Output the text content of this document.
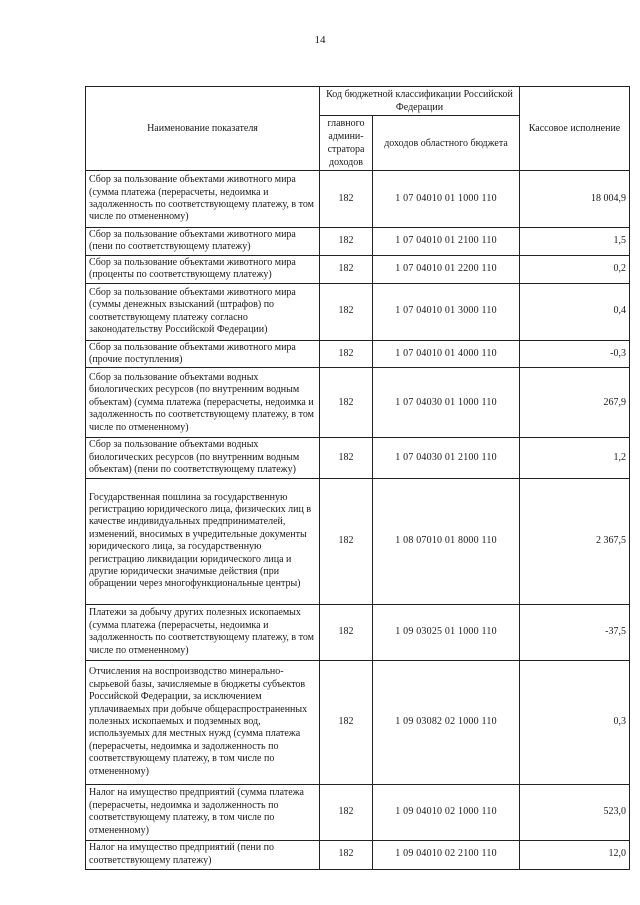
14
Наименование показателя	Код бюджетной классификации Российской Федерации		Кассовое исполнение
	главного админи-стратора доходов	доходов областного бюджета	
Сбор за пользование объектами животного мира (сумма платежа (перерасчеты, недоимка и задолженность по соответствующему платежу, в том числе по отмененному)	182	1 07 04010 01 1000 110	18 004,9
Сбор за пользование объектами животного мира (пени по соответствующему платежу)	182	1 07 04010 01 2100 110	1,5
Сбор за пользование объектами животного мира (проценты по соответствующему платежу)	182	1 07 04010 01 2200 110	0,2
Сбор за пользование объектами животного мира (суммы денежных взысканий (штрафов) по соответствующему платежу согласно законодательству Российской Федерации)	182	1 07 04010 01 3000 110	0,4
Сбор за пользование объектами животного мира (прочие поступления)	182	1 07 04010 01 4000 110	-0,3
Сбор за пользование объектами водных биологических ресурсов (по внутренним водным объектам) (сумма платежа (перерасчеты, недоимка и задолженность по соответствующему платежу, в том числе по отмененному)	182	1 07 04030 01 1000 110	267,9
Сбор за пользование объектами водных биологических ресурсов (по внутренним водным объектам) (пени по соответствующему платежу)	182	1 07 04030 01 2100 110	1,2
Государственная пошлина за государственную регистрацию юридического лица, физических лиц в качестве индивидуальных предпринимателей, изменений, вносимых в учредительные документы юридического лица, за государственную регистрацию ликвидации юридического лица и другие юридически значимые действия (при обращении через многофункциональные центры)	182	1 08 07010 01 8000 110	2 367,5
Платежи за добычу других полезных ископаемых (сумма платежа (перерасчеты, недоимка и задолженность по соответствующему платежу, в том числе по отмененному)	182	1 09 03025 01 1000 110	-37,5
Отчисления на воспроизводство минерально-сырьевой базы, зачисляемые в бюджеты субъектов Российской Федерации, за исключением уплачиваемых при добыче общераспространенных полезных ископаемых и подземных вод, используемых для местных нужд (сумма платежа (перерасчеты, недоимка и задолженность по соответствующему платежу, в том числе по отмененному)	182	1 09 03082 02 1000 110	0,3
Налог на имущество предприятий (сумма платежа (перерасчеты, недоимка и задолженность по соответствующему платежу, в том числе по отмененному)	182	1 09 04010 02 1000 110	523,0
Налог на имущество предприятий (пени по соответствующему платежу)	182	1 09 04010 02 2100 110	12,0
